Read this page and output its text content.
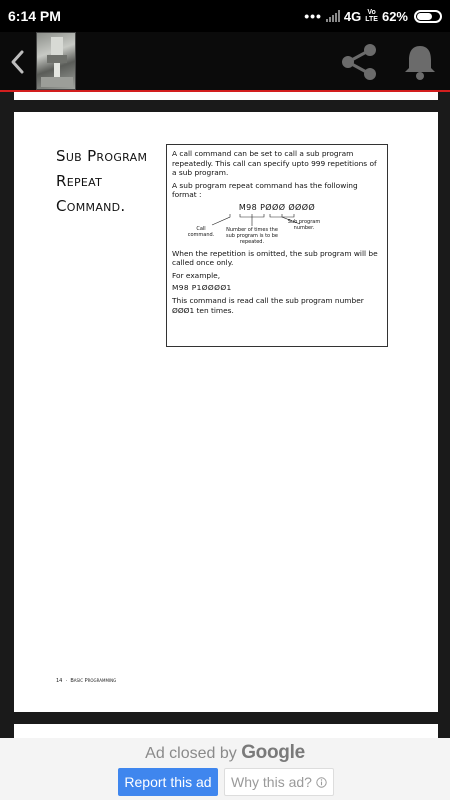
6:14 PM	••• 4G Vo
LTE 62%
Sub Program
Repeat
Command.

A call command can be set to call a sub program repeatedly. This call can specify upto 999 repetitions of a sub program.

A sub program repeat command has the following format :

M98 PØØØ ØØØØ
Call command.
Number of times the sub program is to be repeated.
Sub program number.

When the repetition is omitted, the sub program will be called once only.

For example,

M98 P1ØØØØ1

This command is read call the sub program number ØØØ1 ten times.

14 · Basic Programming
Ad closed by Google
Report this ad	Why this ad?
